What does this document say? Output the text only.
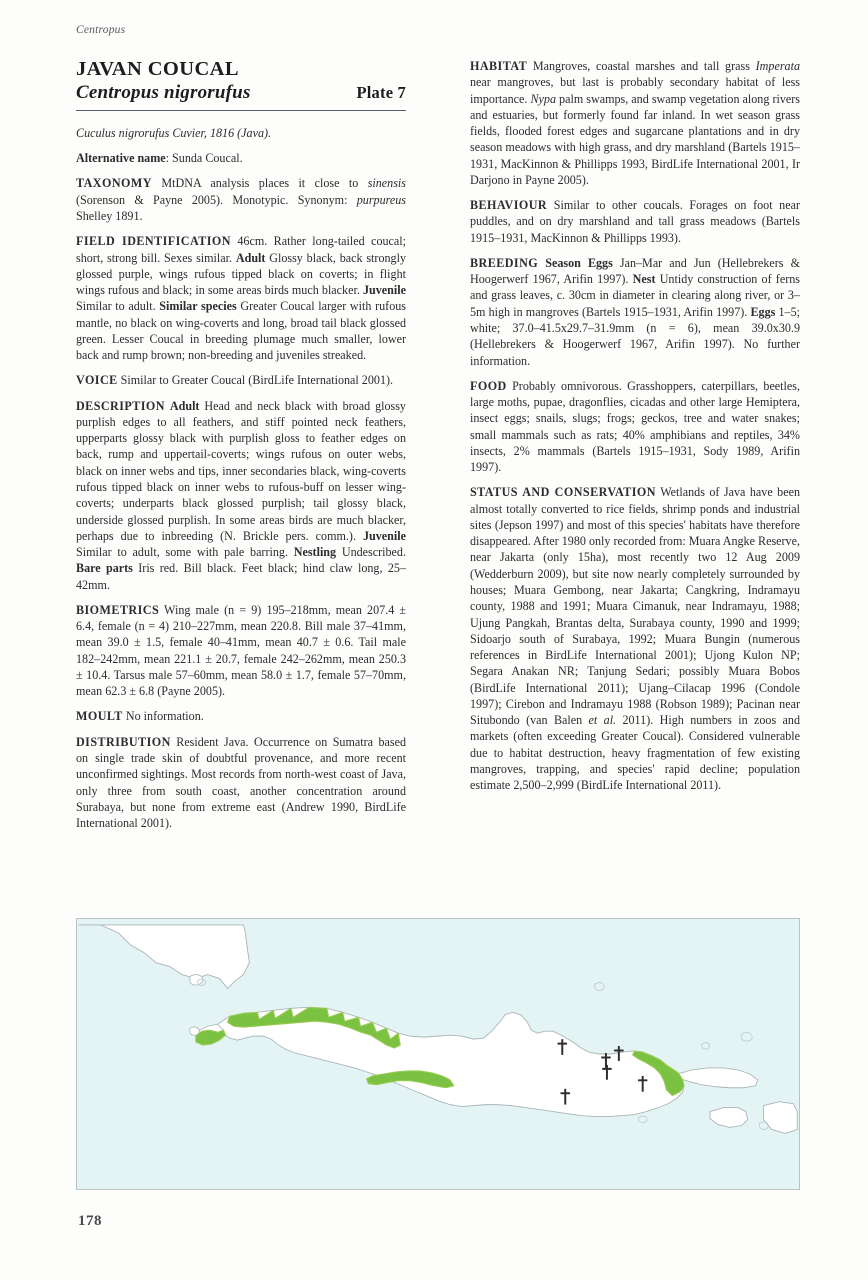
Centropus
JAVAN COUCAL
Centropus nigrorufus	Plate 7

Cuculus nigrorufus Cuvier, 1816 (Java).

Alternative name: Sunda Coucal.

TAXONOMY MtDNA analysis places it close to sinensis (Sorenson & Payne 2005). Monotypic. Synonym: purpureus Shelley 1891.

FIELD IDENTIFICATION 46cm. Rather long-tailed coucal; short, strong bill. Sexes similar. Adult Glossy black, back strongly glossed purple, wings rufous tipped black on coverts; in flight wings rufous and black; in some areas birds much blacker. Juvenile Similar to adult. Similar species Greater Coucal larger with rufous mantle, no black on wing-coverts and long, broad tail black glossed green. Lesser Coucal in breeding plumage much smaller, lower back and rump brown; non-breeding and juveniles streaked.

VOICE Similar to Greater Coucal (BirdLife International 2001).

DESCRIPTION Adult Head and neck black with broad glossy purplish edges to all feathers, and stiff pointed neck feathers, upperparts glossy black with purplish gloss to feather edges on back, rump and uppertail-coverts; wings rufous on outer webs, black on inner webs and tips, inner secondaries black, wing-coverts rufous tipped black on inner webs to rufous-buff on lesser wing-coverts; underparts black glossed purplish; tail glossy black, underside glossed purplish. In some areas birds are much blacker, perhaps due to inbreeding (N. Brickle pers. comm.). Juvenile Similar to adult, some with pale barring. Nestling Undescribed. Bare parts Iris red. Bill black. Feet black; hind claw long, 25–42mm.

BIOMETRICS Wing male (n = 9) 195–218mm, mean 207.4 ± 6.4, female (n = 4) 210–227mm, mean 220.8. Bill male 37–41mm, mean 39.0 ± 1.5, female 40–41mm, mean 40.7 ± 0.6. Tail male 182–242mm, mean 221.1 ± 20.7, female 242–262mm, mean 250.3 ± 10.4. Tarsus male 57–60mm, mean 58.0 ± 1.7, female 57–70mm, mean 62.3 ± 6.8 (Payne 2005).

MOULT No information.

DISTRIBUTION Resident Java. Occurrence on Sumatra based on single trade skin of doubtful provenance, and more recent unconfirmed sightings. Most records from north-west coast of Java, only three from south coast, another concentration around Surabaya, but none from extreme east (Andrew 1990, BirdLife International 2001).

HABITAT Mangroves, coastal marshes and tall grass Imperata near mangroves, but last is probably secondary habitat of less importance. Nypa palm swamps, and swamp vegetation along rivers and estuaries, but formerly found far inland. In wet season grass fields, flooded forest edges and sugarcane plantations and in dry season meadows with high grass, and dry marshland (Bartels 1915–1931, MacKinnon & Phillipps 1993, BirdLife International 2001, Ir Darjono in Payne 2005).

BEHAVIOUR Similar to other coucals. Forages on foot near puddles, and on dry marshland and tall grass meadows (Bartels 1915–1931, MacKinnon & Phillipps 1993).

BREEDING Season Eggs Jan–Mar and Jun (Hellebrekers & Hoogerwerf 1967, Arifin 1997). Nest Untidy construction of ferns and grass leaves, c. 30cm in diameter in clearing along river, or 3–5m high in mangroves (Bartels 1915–1931, Arifin 1997). Eggs 1–5; white; 37.0–41.5x29.7–31.9mm (n = 6), mean 39.0x30.9 (Hellebrekers & Hoogerwerf 1967, Arifin 1997). No further information.

FOOD Probably omnivorous. Grasshoppers, caterpillars, beetles, large moths, pupae, dragonflies, cicadas and other large Hemiptera, insect eggs; snails, slugs; frogs; geckos, tree and water snakes; small mammals such as rats; 40% amphibians and reptiles, 34% insects, 2% mammals (Bartels 1915–1931, Sody 1989, Arifin 1997).

STATUS AND CONSERVATION Wetlands of Java have been almost totally converted to rice fields, shrimp ponds and industrial sites (Jepson 1997) and most of this species' habitats have therefore disappeared. After 1980 only recorded from: Muara Angke Reserve, near Jakarta (only 15ha), most recently two 12 Aug 2009 (Wedderburn 2009), but site now nearly completely surrounded by houses; Muara Gembong, near Jakarta; Cangkring, Indramayu county, 1988 and 1991; Muara Cimanuk, near Indramayu, 1988; Ujung Pangkah, Brantas delta, Surabaya county, 1990 and 1999; Sidoarjo south of Surabaya, 1992; Muara Bungin (numerous references in BirdLife International 2001); Ujong Kulon NP; Segara Anakan NR; Tanjung Sedari; possibly Muara Bobos (BirdLife International 2011); Ujang–Cilacap 1996 (Condole 1997); Cirebon and Indramayu 1988 (Robson 1989); Pacinan near Situbondo (van Balen et al. 2011). High numbers in zoos and markets (often exceeding Greater Coucal). Considered vulnerable due to habitat destruction, heavy fragmentation of few existing mangroves, trapping, and species' rapid decline; population estimate 2,500–2,999 (BirdLife International 2011).

178
